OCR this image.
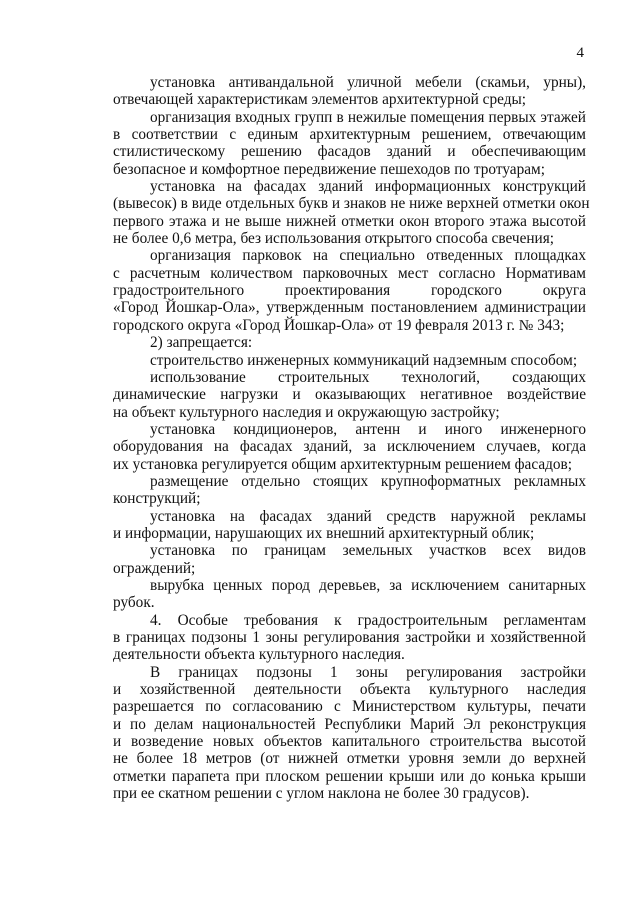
4
установка антивандальной уличной мебели (скамьи, урны),
отвечающей характеристикам элементов архитектурной среды;
организация входных групп в нежилые помещения первых этажей
в соответствии с единым архитектурным решением, отвечающим
стилистическому решению фасадов зданий и обеспечивающим
безопасное и комфортное передвижение пешеходов по тротуарам;
установка на фасадах зданий информационных конструкций
(вывесок) в виде отдельных букв и знаков не ниже верхней отметки окон
первого этажа и не выше нижней отметки окон второго этажа высотой
не более 0,6 метра, без использования открытого способа свечения;
организация парковок на специально отведенных площадках
с расчетным количеством парковочных мест согласно Нормативам
градостроительного проектирования городского округа
«Город Йошкар-Ола», утвержденным постановлением администрации
городского округа «Город Йошкар-Ола» от 19 февраля 2013 г. № 343;
2) запрещается:
строительство инженерных коммуникаций надземным способом;
использование строительных технологий, создающих
динамические нагрузки и оказывающих негативное воздействие
на объект культурного наследия и окружающую застройку;
установка кондиционеров, антенн и иного инженерного
оборудования на фасадах зданий, за исключением случаев, когда
их установка регулируется общим архитектурным решением фасадов;
размещение отдельно стоящих крупноформатных рекламных
конструкций;
установка на фасадах зданий средств наружной рекламы
и информации, нарушающих их внешний архитектурный облик;
установка по границам земельных участков всех видов
ограждений;
вырубка ценных пород деревьев, за исключением санитарных
рубок.
4. Особые требования к градостроительным регламентам
в границах подзоны 1 зоны регулирования застройки и хозяйственной
деятельности объекта культурного наследия.
В границах подзоны 1 зоны регулирования застройки
и хозяйственной деятельности объекта культурного наследия
разрешается по согласованию с Министерством культуры, печати
и по делам национальностей Республики Марий Эл реконструкция
и возведение новых объектов капитального строительства высотой
не более 18 метров (от нижней отметки уровня земли до верхней
отметки парапета при плоском решении крыши или до конька крыши
при ее скатном решении с углом наклона не более 30 градусов).
